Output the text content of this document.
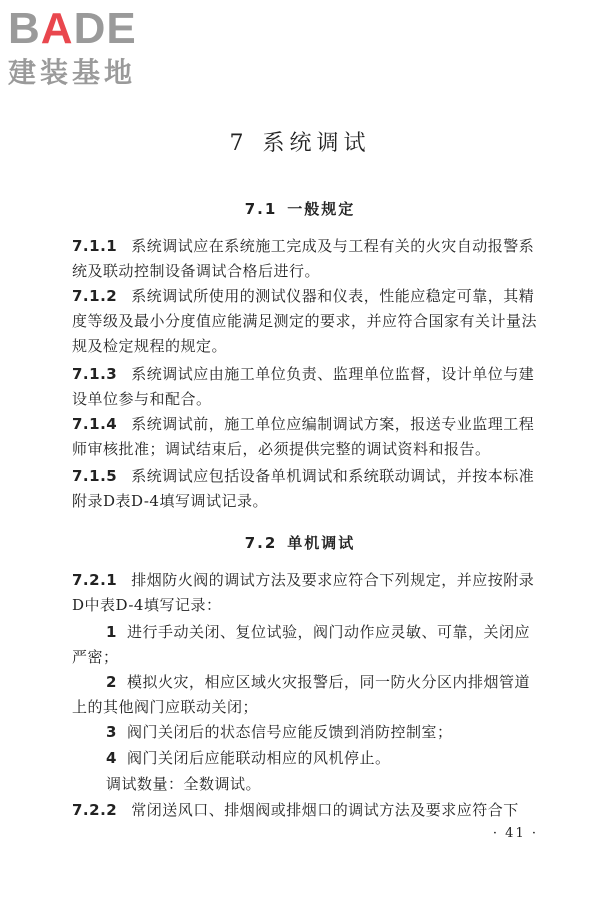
BADE
建装基地
7 系统调试
7.1 一般规定
7.1.1 系统调试应在系统施工完成及与工程有关的火灾自动报警系统及联动控制设备调试合格后进行。
7.1.2 系统调试所使用的测试仪器和仪表，性能应稳定可靠，其精度等级及最小分度值应能满足测定的要求，并应符合国家有关计量法规及检定规程的规定。
7.1.3 系统调试应由施工单位负责、监理单位监督，设计单位与建设单位参与和配合。
7.1.4 系统调试前，施工单位应编制调试方案，报送专业监理工程师审核批准；调试结束后，必须提供完整的调试资料和报告。
7.1.5 系统调试应包括设备单机调试和系统联动调试，并按本标准附录D表D-4填写调试记录。
7.2 单机调试
7.2.1 排烟防火阀的调试方法及要求应符合下列规定，并应按附录D中表D-4填写记录：
1 进行手动关闭、复位试验，阀门动作应灵敏、可靠，关闭应严密；
2 模拟火灾，相应区域火灾报警后，同一防火分区内排烟管道上的其他阀门应联动关闭；
3 阀门关闭后的状态信号应能反馈到消防控制室；
4 阀门关闭后应能联动相应的风机停止。
调试数量：全数调试。
7.2.2 常闭送风口、排烟阀或排烟口的调试方法及要求应符合下
· 41 ·
